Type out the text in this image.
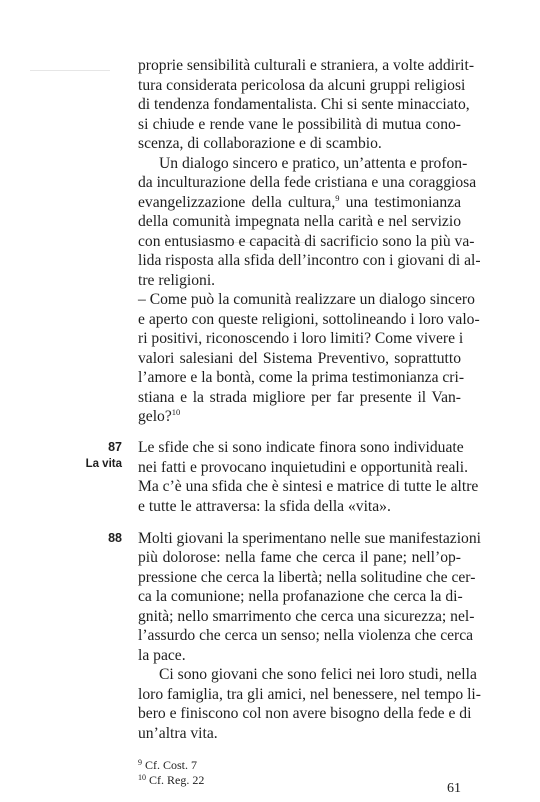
proprie sensibilità culturali e straniera, a volte addirit-
tura considerata pericolosa da alcuni gruppi religiosi
di tendenza fondamentalista. Chi si sente minacciato,
si chiude e rende vane le possibilità di mutua cono-
scenza, di collaborazione e di scambio.
Un dialogo sincero e pratico, un’attenta e profon-
da inculturazione della fede cristiana e una coraggiosa
evangelizzazione della cultura,$^9$ una testimonianza
della comunità impegnata nella carità e nel servizio
con entusiasmo e capacità di sacrificio sono la più va-
lida risposta alla sfida dell’incontro con i giovani di al-
tre religioni.
– Come può la comunità realizzare un dialogo sincero
e aperto con queste religioni, sottolineando i loro valo-
ri positivi, riconoscendo i loro limiti? Come vivere i
valori salesiani del Sistema Preventivo, soprattutto
l’amore e la bontà, come la prima testimonianza cri-
stiana e la strada migliore per far presente il Van-
gelo?$^{10}$
87
La vita
Le sfide che si sono indicate finora sono individuate
nei fatti e provocano inquietudini e opportunità reali.
Ma c’è una sfida che è sintesi e matrice di tutte le altre
e tutte le attraversa: la sfida della «vita».
88 Molti giovani la sperimentano nelle sue manifestazioni
più dolorose: nella fame che cerca il pane; nell’op-
pressione che cerca la libertà; nella solitudine che cer-
ca la comunione; nella profanazione che cerca la di-
gnità; nello smarrimento che cerca una sicurezza; nel-
l’assurdo che cerca un senso; nella violenza che cerca
la pace.
Ci sono giovani che sono felici nei loro studi, nella
loro famiglia, tra gli amici, nel benessere, nel tempo li-
bero e finiscono col non avere bisogno della fede e di
un’altra vita.
$^9$ Cf. Cost. 7
$^{10}$ Cf. Reg. 22
61
